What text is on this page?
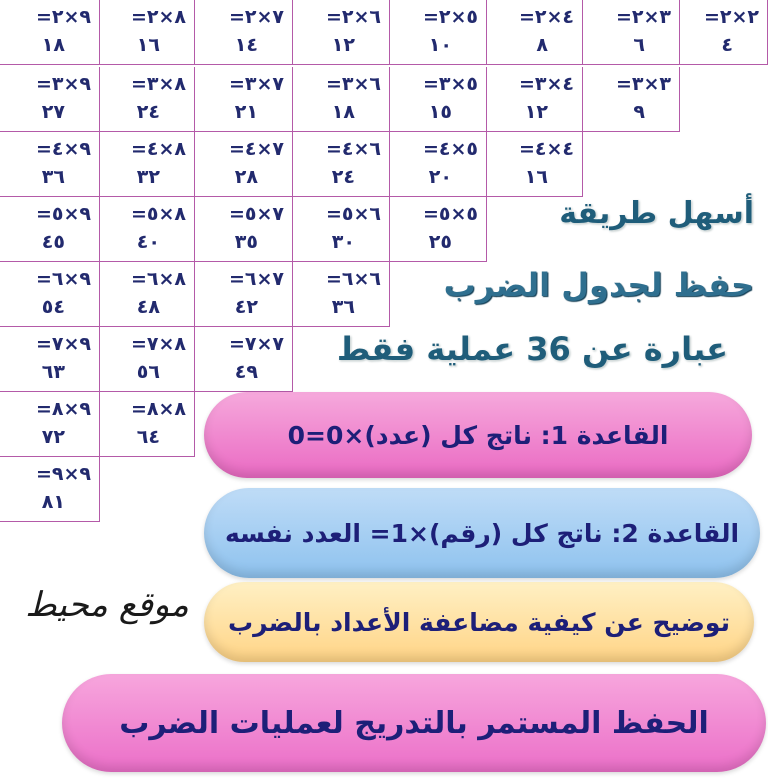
=٩×٢
١٨
=٨×٢
١٦
=٧×٢
١٤
=٦×٢
١٢
=٥×٢
١٠
=٤×٢
٨
=٣×٢
٦
=٢×٢
٤
=٩×٣
٢٧
=٨×٣
٢٤
=٧×٣
٢١
=٦×٣
١٨
=٥×٣
١٥
=٤×٣
١٢
=٣×٣
٩
=٩×٤
٣٦
=٨×٤
٣٢
=٧×٤
٢٨
=٦×٤
٢٤
=٥×٤
٢٠
=٤×٤
١٦
=٩×٥
٤٥
=٨×٥
٤٠
=٧×٥
٣٥
=٦×٥
٣٠
=٥×٥
٢٥
=٩×٦
٥٤
=٨×٦
٤٨
=٧×٦
٤٢
=٦×٦
٣٦
=٩×٧
٦٣
=٨×٧
٥٦
=٧×٧
٤٩
=٩×٨
٧٢
=٨×٨
٦٤
=٩×٩
٨١
أسهل طريقة
حفظ لجدول الضرب
عبارة عن 36 عملية فقط
القاعدة 1: ناتج كل (عدد)×0=0
القاعدة 2: ناتج كل (رقم)×1= العدد نفسه
توضيح عن كيفية مضاعفة الأعداد بالضرب
الحفظ المستمر بالتدريج لعمليات الضرب
موقع محيط
